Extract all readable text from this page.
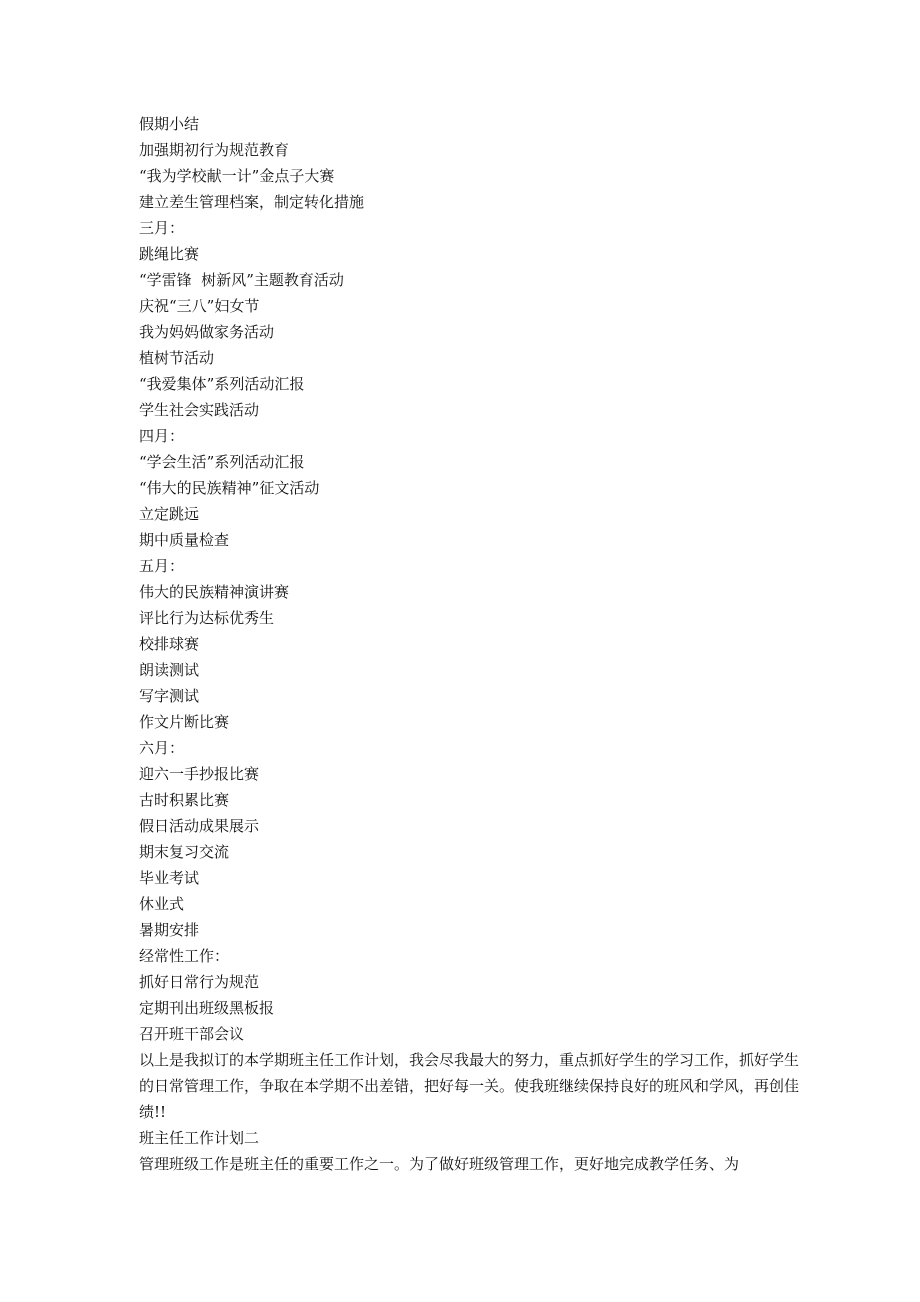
假期小结
加强期初行为规范教育
“我为学校献一计”金点子大赛
建立差生管理档案，制定转化措施
三月：
跳绳比赛
“学雷锋  树新风”主题教育活动
庆祝“三八”妇女节
我为妈妈做家务活动
植树节活动
“我爱集体”系列活动汇报
学生社会实践活动
四月：
“学会生活”系列活动汇报
“伟大的民族精神”征文活动
立定跳远
期中质量检查
五月：
伟大的民族精神演讲赛
评比行为达标优秀生
校排球赛
朗读测试
写字测试
作文片断比赛
六月：
迎六一手抄报比赛
古时积累比赛
假日活动成果展示
期末复习交流
毕业考试
休业式
暑期安排
经常性工作：
抓好日常行为规范
定期刊出班级黑板报
召开班干部会议
以上是我拟订的本学期班主任工作计划，我会尽我最大的努力，重点抓好学生的学习工作，抓好学生的日常管理工作，争取在本学期不出差错，把好每一关。使我班继续保持良好的班风和学风，再创佳绩!!
班主任工作计划二
管理班级工作是班主任的重要工作之一。为了做好班级管理工作，更好地完成教学任务、为
